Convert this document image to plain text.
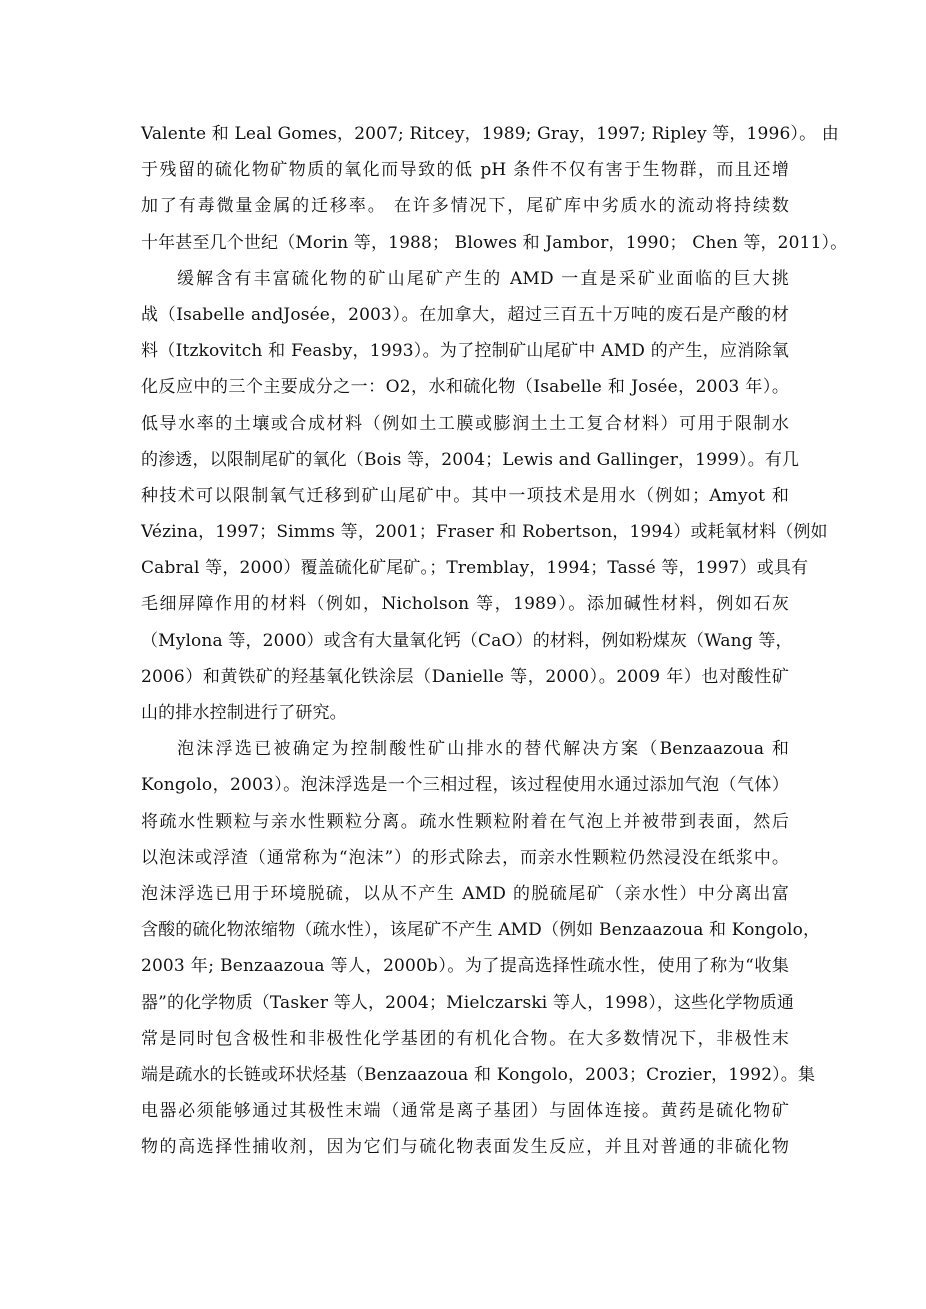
Valente 和 Leal Gomes，2007; Ritcey，1989; Gray，1997; Ripley 等，1996）。 由
于残留的硫化物矿物质的氧化而导致的低 pH 条件不仅有害于生物群，而且还增
加了有毒微量金属的迁移率。 在许多情况下，尾矿库中劣质水的流动将持续数
十年甚至几个世纪（Morin 等，1988； Blowes 和 Jambor，1990； Chen 等，2011）。
缓解含有丰富硫化物的矿山尾矿产生的 AMD 一直是采矿业面临的巨大挑
战（Isabelle andJosée，2003）。在加拿大，超过三百五十万吨的废石是产酸的材
料（Itzkovitch 和 Feasby，1993）。为了控制矿山尾矿中 AMD 的产生，应消除氧
化反应中的三个主要成分之一：O2，水和硫化物（Isabelle 和 Josée，2003 年）。
低导水率的土壤或合成材料（例如土工膜或膨润土土工复合材料）可用于限制水
的渗透，以限制尾矿的氧化（Bois 等，2004；Lewis and Gallinger，1999）。有几
种技术可以限制氧气迁移到矿山尾矿中。其中一项技术是用水（例如；Amyot 和
Vézina，1997；Simms 等，2001；Fraser 和 Robertson，1994）或耗氧材料（例如
Cabral 等，2000）覆盖硫化矿尾矿。；Tremblay，1994；Tassé 等，1997）或具有
毛细屏障作用的材料（例如，Nicholson 等，1989）。添加碱性材料，例如石灰
（Mylona 等，2000）或含有大量氧化钙（CaO）的材料，例如粉煤灰（Wang 等，
2006）和黄铁矿的羟基氧化铁涂层（Danielle 等，2000）。2009 年）也对酸性矿
山的排水控制进行了研究。
泡沫浮选已被确定为控制酸性矿山排水的替代解决方案（Benzaazoua 和
Kongolo，2003）。泡沫浮选是一个三相过程，该过程使用水通过添加气泡（气体）
将疏水性颗粒与亲水性颗粒分离。疏水性颗粒附着在气泡上并被带到表面，然后
以泡沫或浮渣（通常称为“泡沫”）的形式除去，而亲水性颗粒仍然浸没在纸浆中。
泡沫浮选已用于环境脱硫，以从不产生 AMD 的脱硫尾矿（亲水性）中分离出富
含酸的硫化物浓缩物（疏水性），该尾矿不产生 AMD（例如 Benzaazoua 和 Kongolo，
2003 年; Benzaazoua 等人，2000b）。为了提高选择性疏水性，使用了称为“收集
器”的化学物质（Tasker 等人，2004；Mielczarski 等人，1998），这些化学物质通
常是同时包含极性和非极性化学基团的有机化合物。在大多数情况下，非极性末
端是疏水的长链或环状烃基（Benzaazoua 和 Kongolo，2003；Crozier，1992）。集
电器必须能够通过其极性末端（通常是离子基团）与固体连接。黄药是硫化物矿
物的高选择性捕收剂，因为它们与硫化物表面发生反应，并且对普通的非硫化物
